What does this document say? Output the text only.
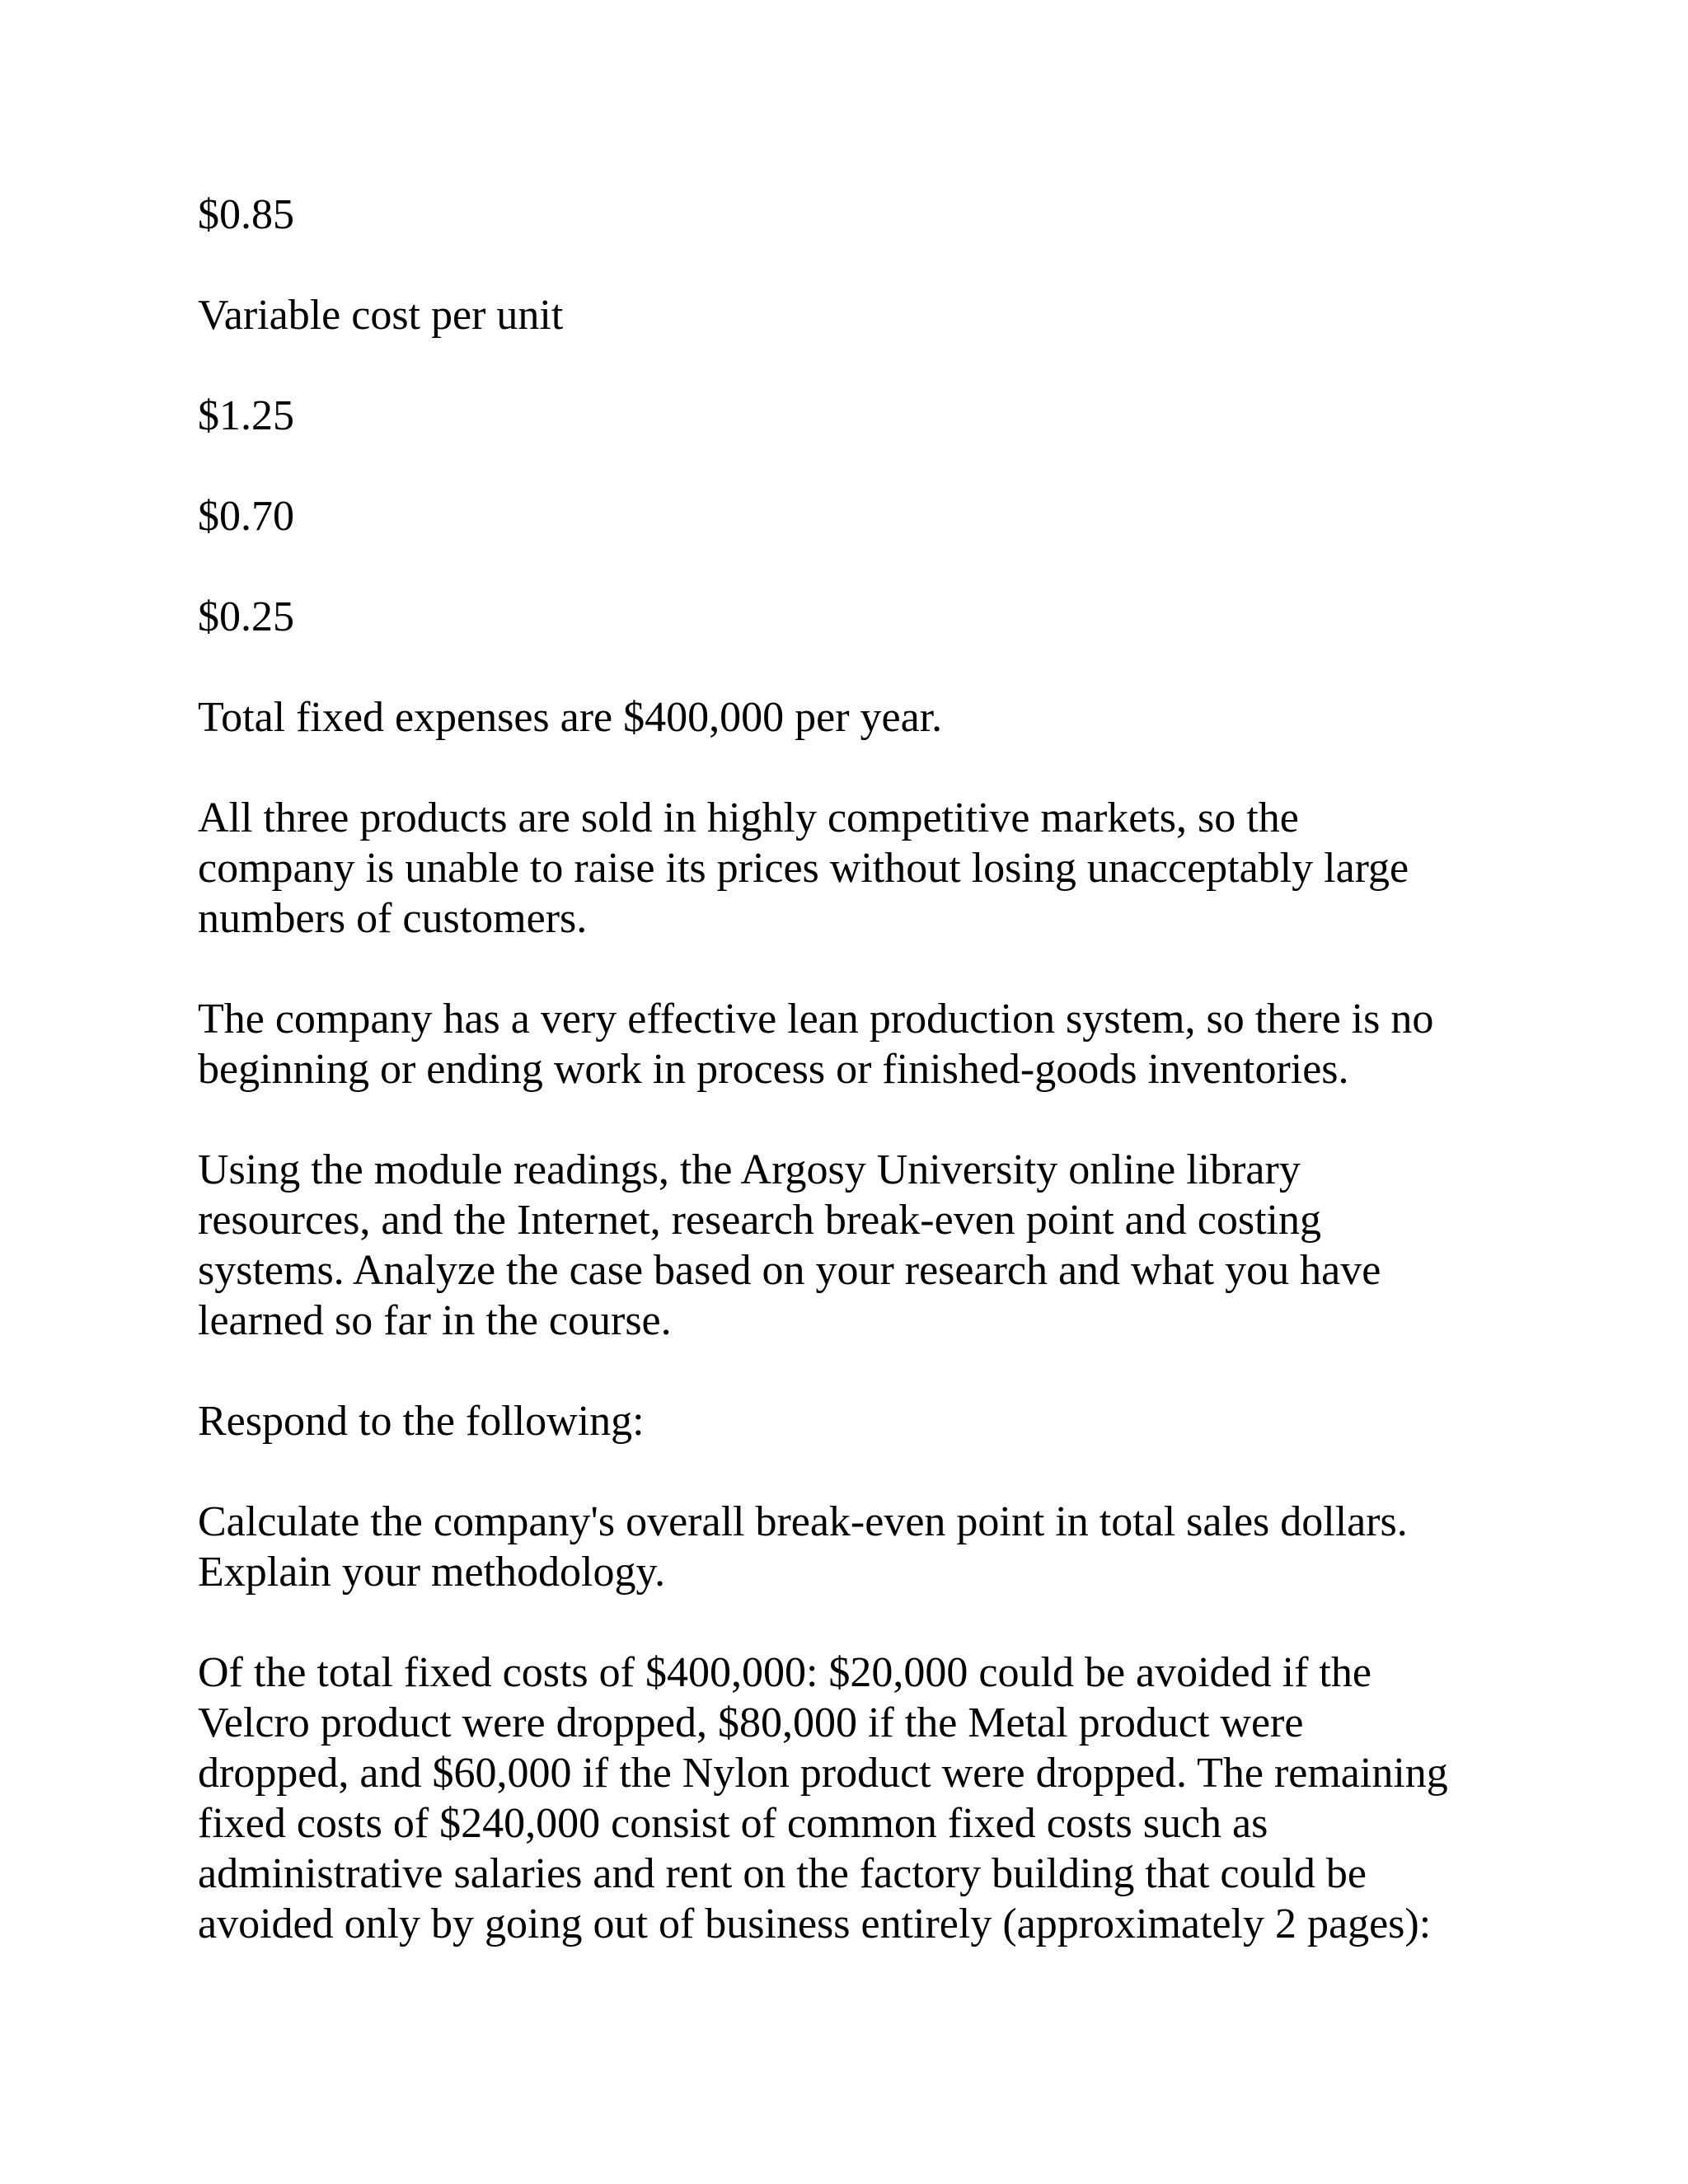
$0.85

Variable cost per unit

$1.25

$0.70

$0.25

Total fixed expenses are $400,000 per year.

All three products are sold in highly competitive markets, so the
company is unable to raise its prices without losing unacceptably large
numbers of customers.

The company has a very effective lean production system, so there is no
beginning or ending work in process or finished-goods inventories.

Using the module readings, the Argosy University online library
resources, and the Internet, research break-even point and costing
systems. Analyze the case based on your research and what you have
learned so far in the course.

Respond to the following:

Calculate the company's overall break-even point in total sales dollars.
Explain your methodology.

Of the total fixed costs of $400,000: $20,000 could be avoided if the
Velcro product were dropped, $80,000 if the Metal product were
dropped, and $60,000 if the Nylon product were dropped. The remaining
fixed costs of $240,000 consist of common fixed costs such as
administrative salaries and rent on the factory building that could be
avoided only by going out of business entirely (approximately 2 pages):
